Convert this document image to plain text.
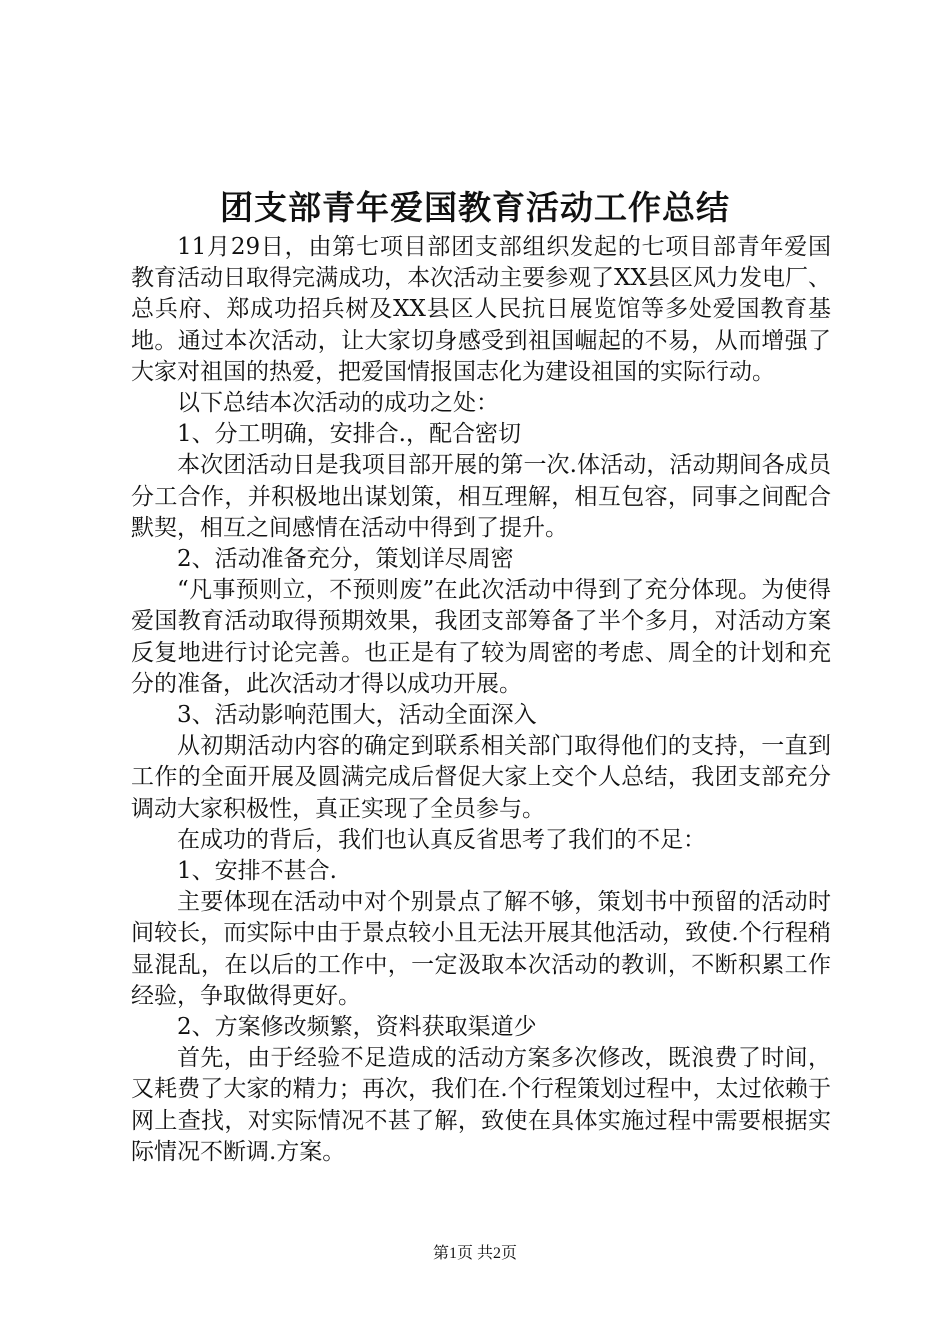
团支部青年爱国教育活动工作总结

11月29日，由第七项目部团支部组织发起的七项目部青年爱国教育活动日取得完满成功，本次活动主要参观了XX县区风力发电厂、总兵府、郑成功招兵树及XX县区人民抗日展览馆等多处爱国教育基地。通过本次活动，让大家切身感受到祖国崛起的不易，从而增强了大家对祖国的热爱，把爱国情报国志化为建设祖国的实际行动。

以下总结本次活动的成功之处：

1、分工明确，安排合.，配合密切

本次团活动日是我项目部开展的第一次.体活动，活动期间各成员分工合作，并积极地出谋划策，相互理解，相互包容，同事之间配合默契，相互之间感情在活动中得到了提升。

2、活动准备充分，策划详尽周密

“凡事预则立，不预则废”在此次活动中得到了充分体现。为使得爱国教育活动取得预期效果，我团支部筹备了半个多月，对活动方案反复地进行讨论完善。也正是有了较为周密的考虑、周全的计划和充分的准备，此次活动才得以成功开展。

3、活动影响范围大，活动全面深入

从初期活动内容的确定到联系相关部门取得他们的支持，一直到工作的全面开展及圆满完成后督促大家上交个人总结，我团支部充分调动大家积极性，真正实现了全员参与。

在成功的背后，我们也认真反省思考了我们的不足：

1、安排不甚合.

主要体现在活动中对个别景点了解不够，策划书中预留的活动时间较长，而实际中由于景点较小且无法开展其他活动，致使.个行程稍显混乱，在以后的工作中，一定汲取本次活动的教训，不断积累工作经验，争取做得更好。

2、方案修改频繁，资料获取渠道少

首先，由于经验不足造成的活动方案多次修改，既浪费了时间，又耗费了大家的精力；再次，我们在.个行程策划过程中，太过依赖于网上查找，对实际情况不甚了解，致使在具体实施过程中需要根据实际情况不断调.方案。

第1页 共2页
